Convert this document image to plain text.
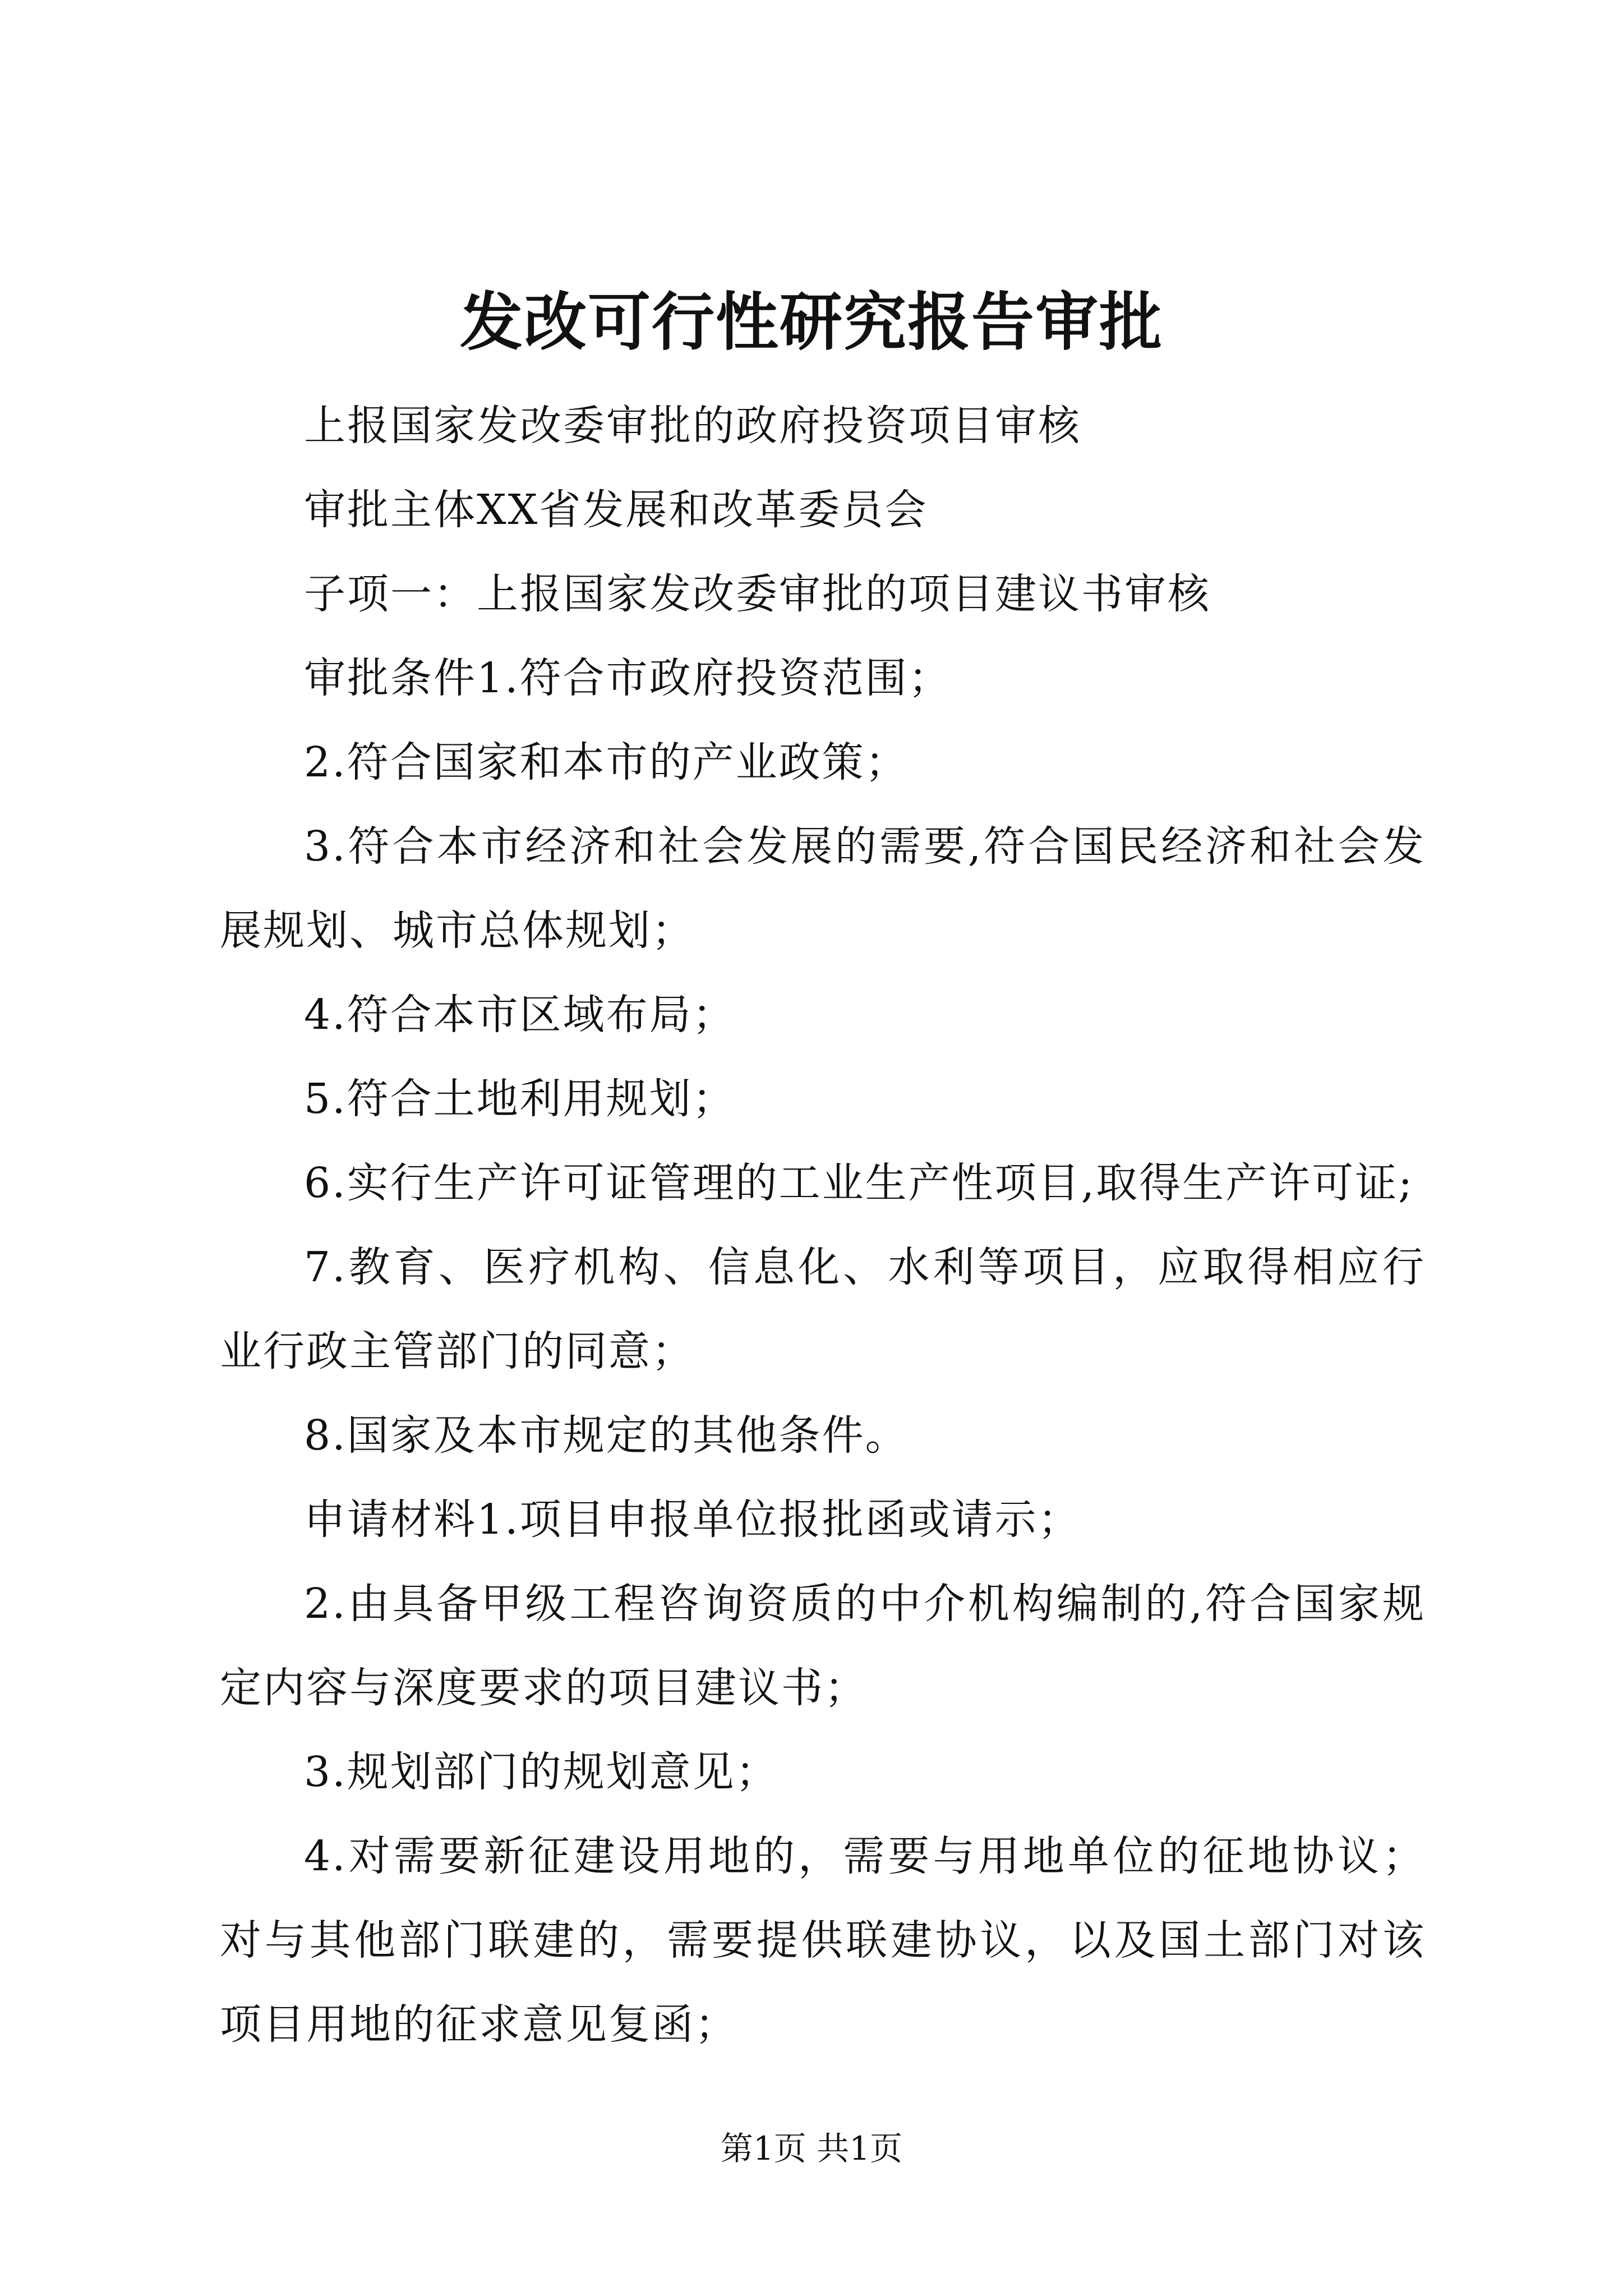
发改可行性研究报告审批

上报国家发改委审批的政府投资项目审核

审批主体XX省发展和改革委员会

子项一：上报国家发改委审批的项目建议书审核

审批条件1.符合市政府投资范围；

2.符合国家和本市的产业政策；

3.符合本市经济和社会发展的需要,符合国民经济和社会发展规划、城市总体规划；

4.符合本市区域布局；

5.符合土地利用规划；

6.实行生产许可证管理的工业生产性项目,取得生产许可证;

7.教育、医疗机构、信息化、水利等项目，应取得相应行业行政主管部门的同意；

8.国家及本市规定的其他条件。

申请材料1.项目申报单位报批函或请示；

2.由具备甲级工程咨询资质的中介机构编制的,符合国家规定内容与深度要求的项目建议书；

3.规划部门的规划意见；

4.对需要新征建设用地的，需要与用地单位的征地协议；对与其他部门联建的，需要提供联建协议，以及国土部门对该项目用地的征求意见复函；

第1页 共1页
